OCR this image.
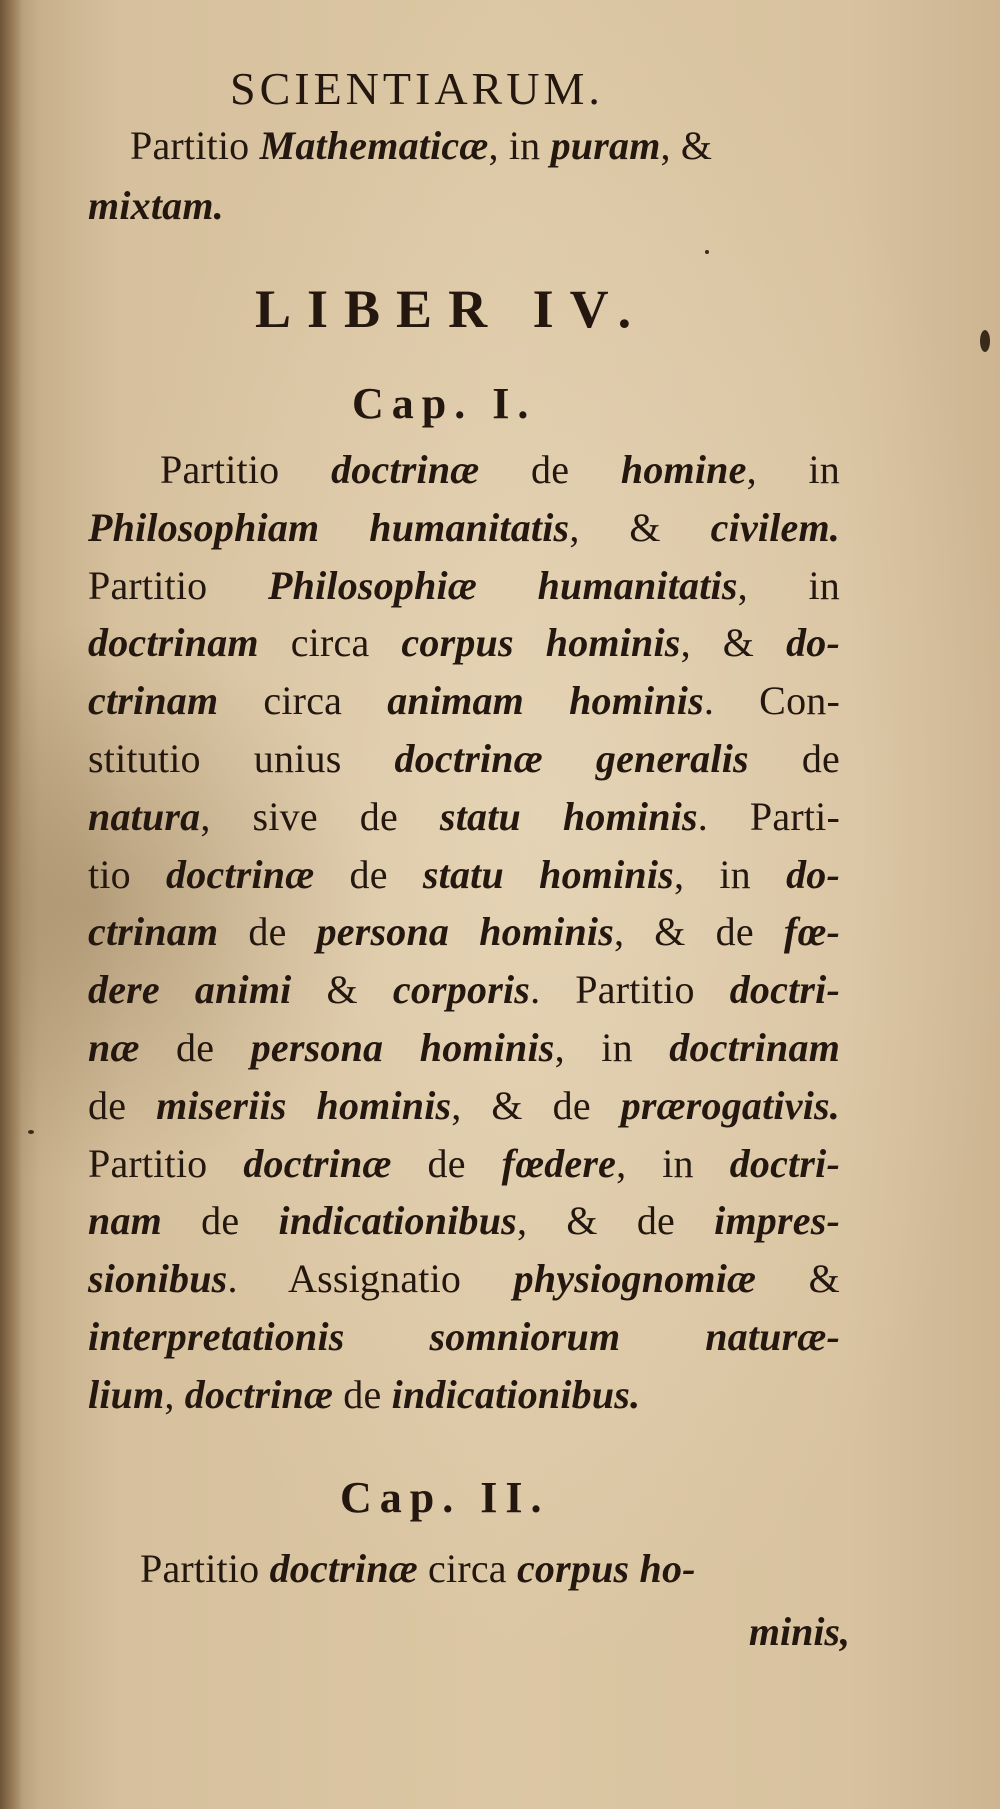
SCIENTIARUM.

Partitio Mathematicæ, in puram, &

mixtam.

LIBER IV.

Cap. I.

Partitio doctrinæ de homine, in

Philosophiam humanitatis, & civilem.

Partitio Philosophiæ humanitatis, in

doctrinam circa corpus hominis, & do-

ctrinam circa animam hominis. Con-

stitutio unius doctrinæ generalis de

natura, sive de statu hominis. Parti-

tio doctrinæ de statu hominis, in do-

ctrinam de persona hominis, & de fœ-

dere animi & corporis. Partitio doctri-

næ de persona hominis, in doctrinam

de miseriis hominis, & de prærogativis.

Partitio doctrinæ de fœdere, in doctri-

nam de indicationibus, & de impres-

sionibus. Assignatio physiognomiæ &

interpretationis somniorum naturæ-

lium, doctrinæ de indicationibus.

Cap. II.

Partitio doctrinæ circa corpus ho-

minis,
